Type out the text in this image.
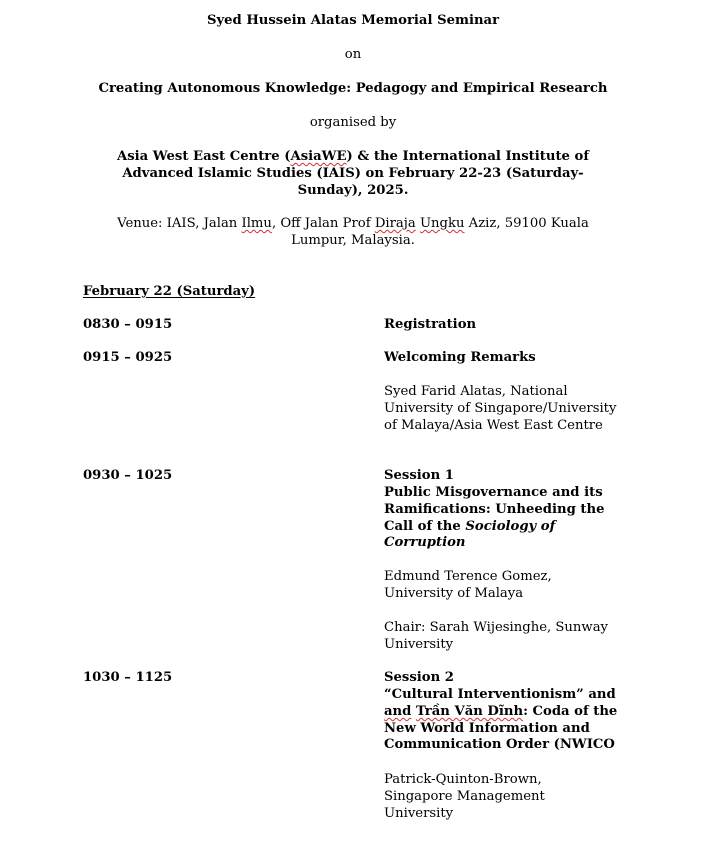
Syed Hussein Alatas Memorial Seminar
on
Creating Autonomous Knowledge: Pedagogy and Empirical Research
organised by
Asia West East Centre (AsiaWE) & the International Institute of Advanced Islamic Studies (IAIS) on February 22-23 (Saturday-Sunday), 2025.
Venue: IAIS, Jalan Ilmu, Off Jalan Prof Diraja Ungku Aziz, 59100 Kuala Lumpur, Malaysia.
February 22 (Saturday)
0830 – 0915	Registration
0915 – 0925	Welcoming Remarks
Syed Farid Alatas, National University of Singapore/University of Malaya/Asia West East Centre
0930 – 1025	Session 1
Public Misgovernance and its Ramifications: Unheeding the Call of the Sociology of Corruption
Edmund Terence Gomez, University of Malaya
Chair: Sarah Wijesinghe, Sunway University
1030 – 1125	Session 2
“Cultural Interventionism” and and Trần Văn Dĩnh: Coda of the New World Information and Communication Order (NWICO
Patrick-Quinton-Brown, Singapore Management University
